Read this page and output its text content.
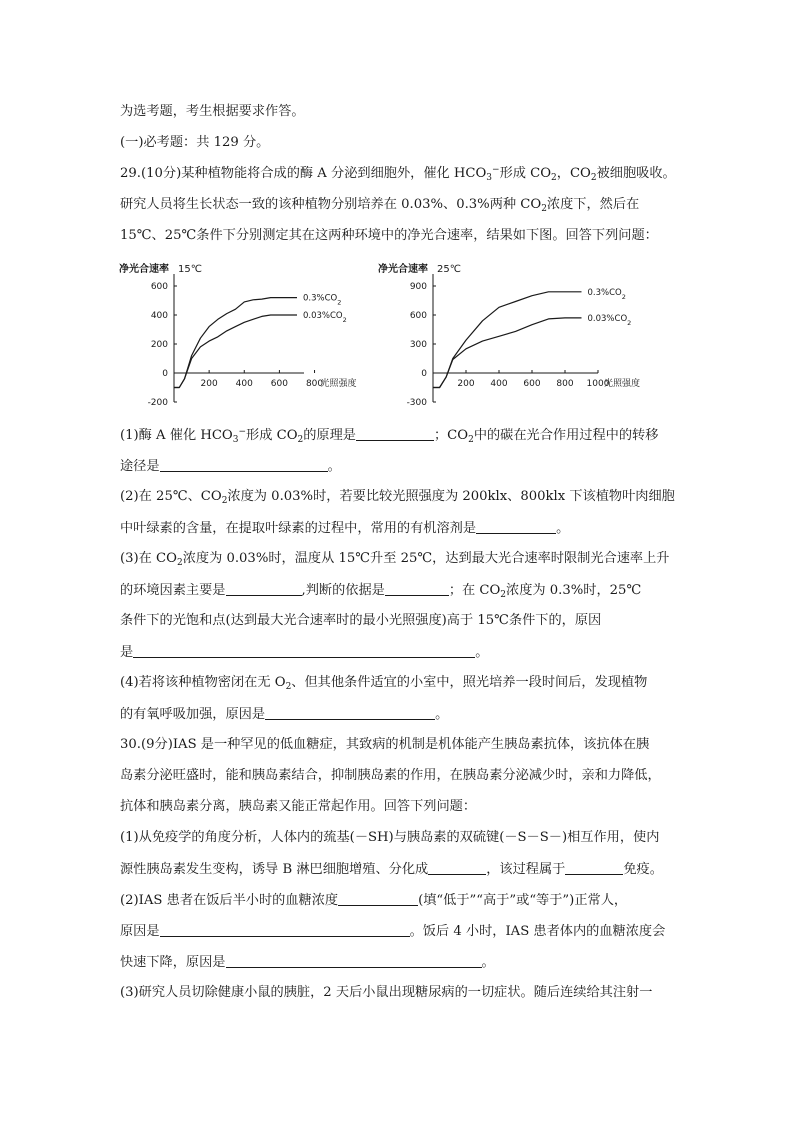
为选考题，考生根据要求作答。
(一)必考题：共 129 分。
29.(10分)某种植物能将合成的酶 A 分泌到细胞外，催化 $HCO_3^-$形成 $CO_2$，$CO_2$被细胞吸收。
研究人员将生长状态一致的该种植物分别培养在 0.03%、0.3%两种 $CO_2$浓度下，然后在
15℃、25℃条件下分别测定其在这两种环境中的净光合速率，结果如下图。回答下列问题：
净光合速率 15℃
-200
0
200
400
600
200 400 600 800
光照强度
$0.3\%CO_2$
$0.03\%CO_2$
净光合速率 25℃
-300
0
300
600
900
200 400 600 800 1000
光照强度
$0.3\%CO_2$
$0.03\%CO_2$
(1)酶 A 催化 $HCO_3^-$形成 $CO_2$的原理是	；$CO_2$中的碳在光合作用过程中的转移
途径是	。
(2)在 25℃、$CO_2$浓度为 0.03%时，若要比较光照强度为 200klx、800klx 下该植物叶肉细胞
中叶绿素的含量，在提取叶绿素的过程中，常用的有机溶剂是	。
(3)在 $CO_2$浓度为 0.03%时，温度从 15℃升至 25℃，达到最大光合速率时限制光合速率上升
的环境因素主要是	,判断的依据是	；在 $CO_2$浓度为 0.3%时，25℃
条件下的光饱和点(达到最大光合速率时的最小光照强度)高于 15℃条件下的，原因
是	。
(4)若将该种植物密闭在无 $O_2$、但其他条件适宜的小室中，照光培养一段时间后，发现植物
的有氧呼吸加强，原因是	。
30.(9分)IAS 是一种罕见的低血糖症，其致病的机制是机体能产生胰岛素抗体，该抗体在胰
岛素分泌旺盛时，能和胰岛素结合，抑制胰岛素的作用，在胰岛素分泌减少时，亲和力降低，
抗体和胰岛素分离，胰岛素又能正常起作用。回答下列问题：
(1)从免疫学的角度分析，人体内的巯基(－SH)与胰岛素的双硫键(－S－S－)相互作用，使内
源性胰岛素发生变构，诱导 B 淋巴细胞增殖、分化成	，该过程属于	免疫。
(2)IAS 患者在饭后半小时的血糖浓度	(填“低于”“高于”或“等于”)正常人，
原因是	。饭后 4 小时，IAS 患者体内的血糖浓度会
快速下降，原因是	。
(3)研究人员切除健康小鼠的胰脏，2 天后小鼠出现糖尿病的一切症状。随后连续给其注射一
